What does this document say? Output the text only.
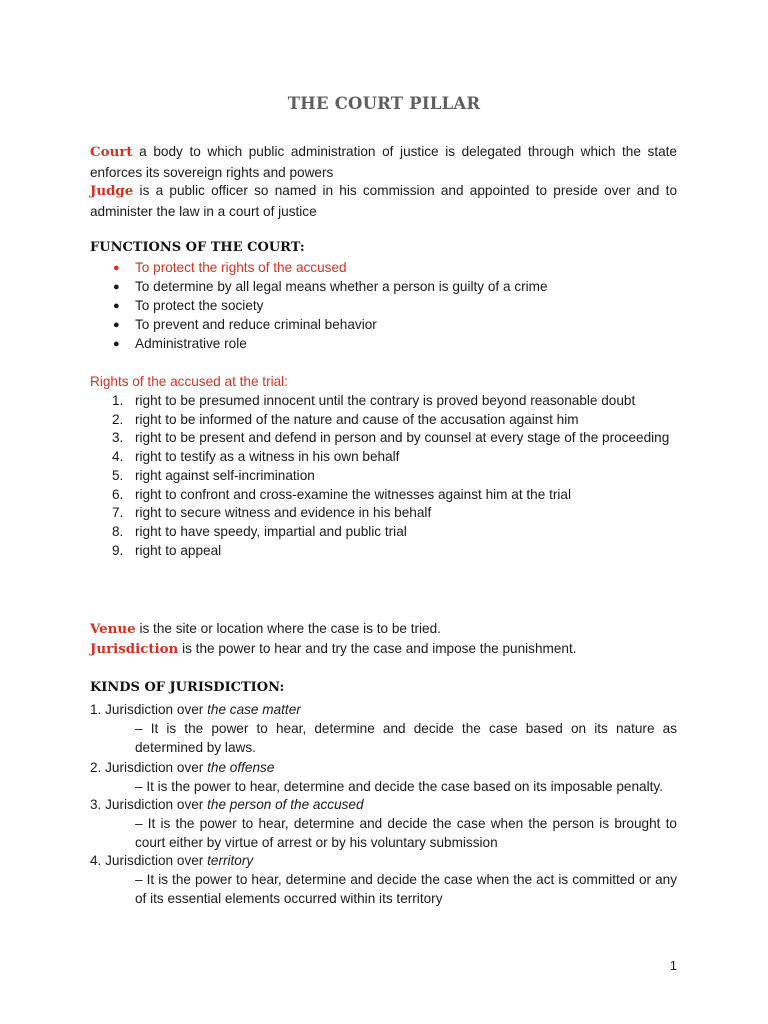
THE COURT PILLAR
Court a body to which public administration of justice is delegated through which the state enforces its sovereign rights and powers
Judge is a public officer so named in his commission and appointed to preside over and to administer the law in a court of justice
FUNCTIONS OF THE COURT:
● To protect the rights of the accused
● To determine by all legal means whether a person is guilty of a crime
● To protect the society
● To prevent and reduce criminal behavior
● Administrative role
Rights of the accused at the trial:
1. right to be presumed innocent until the contrary is proved beyond reasonable doubt
2. right to be informed of the nature and cause of the accusation against him
3. right to be present and defend in person and by counsel at every stage of the proceeding
4. right to testify as a witness in his own behalf
5. right against self-incrimination
6. right to confront and cross-examine the witnesses against him at the trial
7. right to secure witness and evidence in his behalf
8. right to have speedy, impartial and public trial
9. right to appeal
Venue is the site or location where the case is to be tried.
Jurisdiction is the power to hear and try the case and impose the punishment.
KINDS OF JURISDICTION:
1. Jurisdiction over the case matter
– It is the power to hear, determine and decide the case based on its nature as determined by laws.
2. Jurisdiction over the offense
– It is the power to hear, determine and decide the case based on its imposable penalty.
3. Jurisdiction over the person of the accused
– It is the power to hear, determine and decide the case when the person is brought to court either by virtue of arrest or by his voluntary submission
4. Jurisdiction over territory
– It is the power to hear, determine and decide the case when the act is committed or any of its essential elements occurred within its territory
1
